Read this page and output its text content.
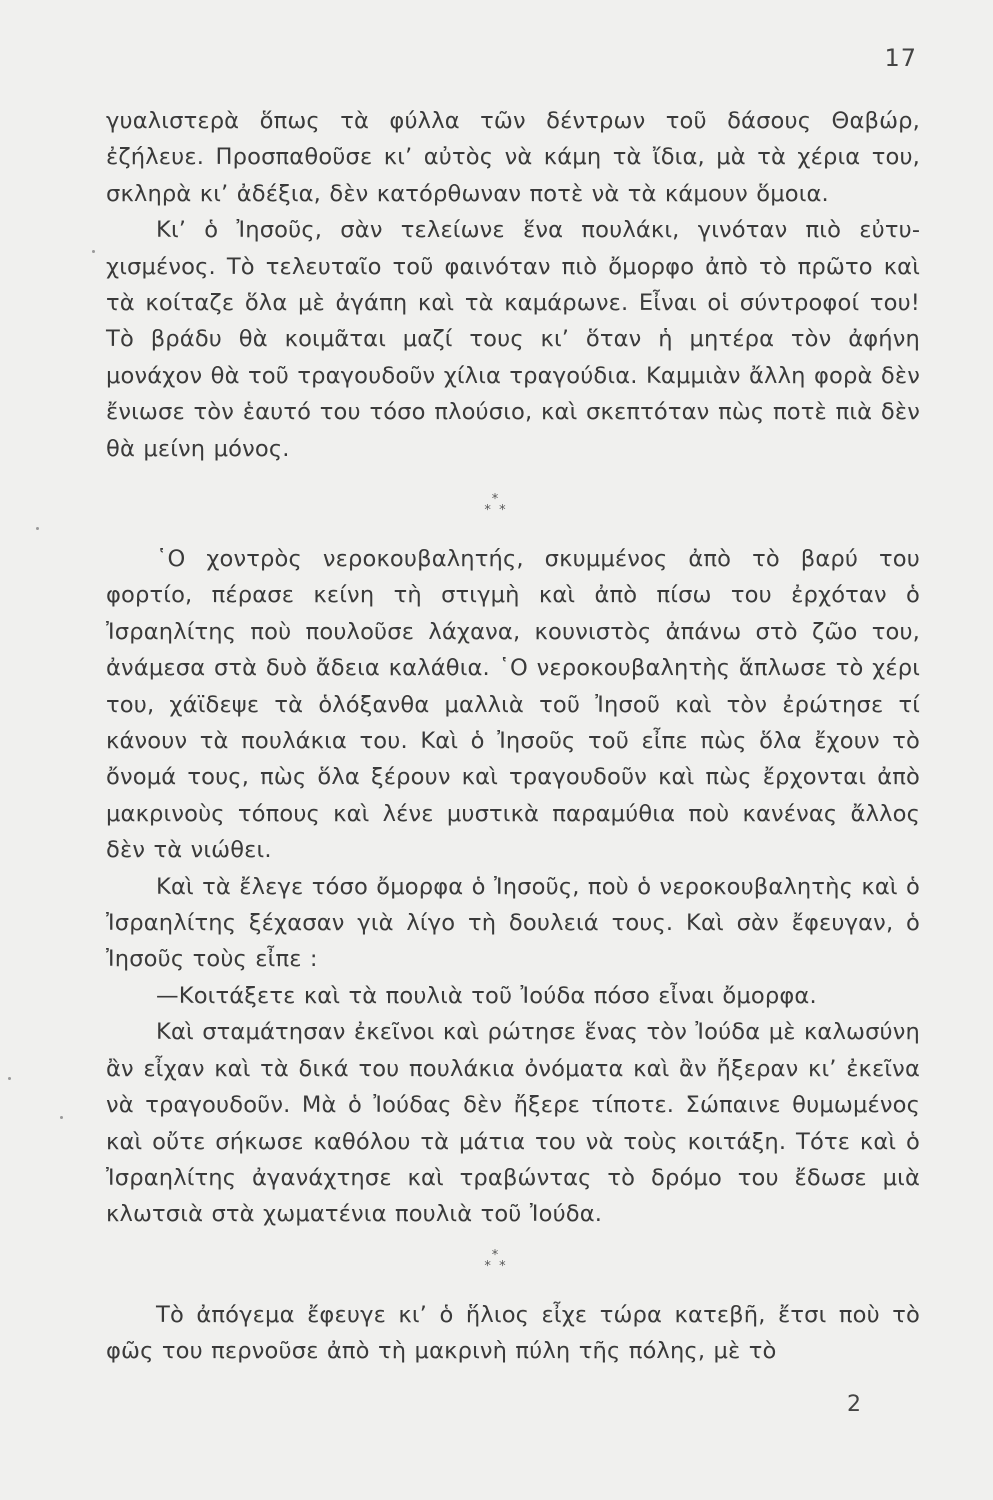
17

γυαλιστερὰ ὅπως τὰ φύλλα τῶν δέντρων τοῦ δάσους Θαβώρ, ἐζήλευε. Προσπαθοῦσε κι’ αὐτὸς νὰ κάμη τὰ ἴδια, μὰ τὰ χέρια του, σκληρὰ κι’ ἀδέξια, δὲν κατόρθωναν ποτὲ νὰ τὰ κάμουν ὅμοια.

Κι’ ὁ Ἰησοῦς, σὰν τελείωνε ἕνα πουλάκι, γινόταν πιὸ εὐτυχισμένος. Τὸ τελευταῖο τοῦ φαινόταν πιὸ ὄμορφο ἀπὸ τὸ πρῶτο καὶ τὰ κοίταζε ὅλα μὲ ἀγάπη καὶ τὰ καμάρωνε. Εἶναι οἱ σύντροφοί του! Τὸ βράδυ θὰ κοιμᾶται μαζί τους κι’ ὅταν ἡ μητέρα τὸν ἀφήνη μονάχον θὰ τοῦ τραγουδοῦν χίλια τραγούδια. Καμμιὰν ἄλλη φορὰ δὲν ἔνιωσε τὸν ἑαυτό του τόσο πλούσιο, καὶ σκεπτόταν πὼς ποτὲ πιὰ δὲν θὰ μείνη μόνος.

*
* *

῾Ο χοντρὸς νεροκουβαλητής, σκυμμένος ἀπὸ τὸ βαρύ του φορτίο, πέρασε κείνη τὴ στιγμὴ καὶ ἀπὸ πίσω του ἐρχόταν ὁ Ἰσραηλίτης ποὺ πουλοῦσε λάχανα, κουνιστὸς ἀπάνω στὸ ζῶο του, ἀνάμεσα στὰ δυὸ ἄδεια καλάθια. ῾Ο νεροκουβαλητὴς ἅπλωσε τὸ χέρι του, χάϊδεψε τὰ ὁλόξανθα μαλλιὰ τοῦ Ἰησοῦ καὶ τὸν ἐρώτησε τί κάνουν τὰ πουλάκια του. Καὶ ὁ Ἰησοῦς τοῦ εἶπε πὼς ὅλα ἔχουν τὸ ὄνομά τους, πὼς ὅλα ξέρουν καὶ τραγουδοῦν καὶ πὼς ἔρχονται ἀπὸ μακρινοὺς τόπους καὶ λένε μυστικὰ παραμύθια ποὺ κανένας ἄλλος δὲν τὰ νιώθει.

Καὶ τὰ ἔλεγε τόσο ὄμορφα ὁ Ἰησοῦς, ποὺ ὁ νεροκουβαλητὴς καὶ ὁ Ἰσραηλίτης ξέχασαν γιὰ λίγο τὴ δουλειά τους. Καὶ σὰν ἔφευγαν, ὁ Ἰησοῦς τοὺς εἶπε :

—Κοιτάξετε καὶ τὰ πουλιὰ τοῦ Ἰούδα πόσο εἶναι ὄμορφα.

Καὶ σταμάτησαν ἐκεῖνοι καὶ ρώτησε ἕνας τὸν Ἰούδα μὲ καλωσύνη ἂν εἶχαν καὶ τὰ δικά του πουλάκια ὀνόματα καὶ ἂν ἤξεραν κι’ ἐκεῖνα νὰ τραγουδοῦν. Μὰ ὁ Ἰούδας δὲν ἤξερε τίποτε. Σώπαινε θυμωμένος καὶ οὔτε σήκωσε καθόλου τὰ μάτια του νὰ τοὺς κοιτάξη. Τότε καὶ ὁ Ἰσραηλίτης ἀγανάχτησε καὶ τραβώντας τὸ δρόμο του ἔδωσε μιὰ κλωτσιὰ στὰ χωματένια πουλιὰ τοῦ Ἰούδα.

*
* *

Τὸ ἀπόγεμα ἔφευγε κι’ ὁ ἥλιος εἶχε τώρα κατεβῆ, ἔτσι ποὺ τὸ φῶς του περνοῦσε ἀπὸ τὴ μακρινὴ πύλη τῆς πόλης, μὲ τὸ

2
